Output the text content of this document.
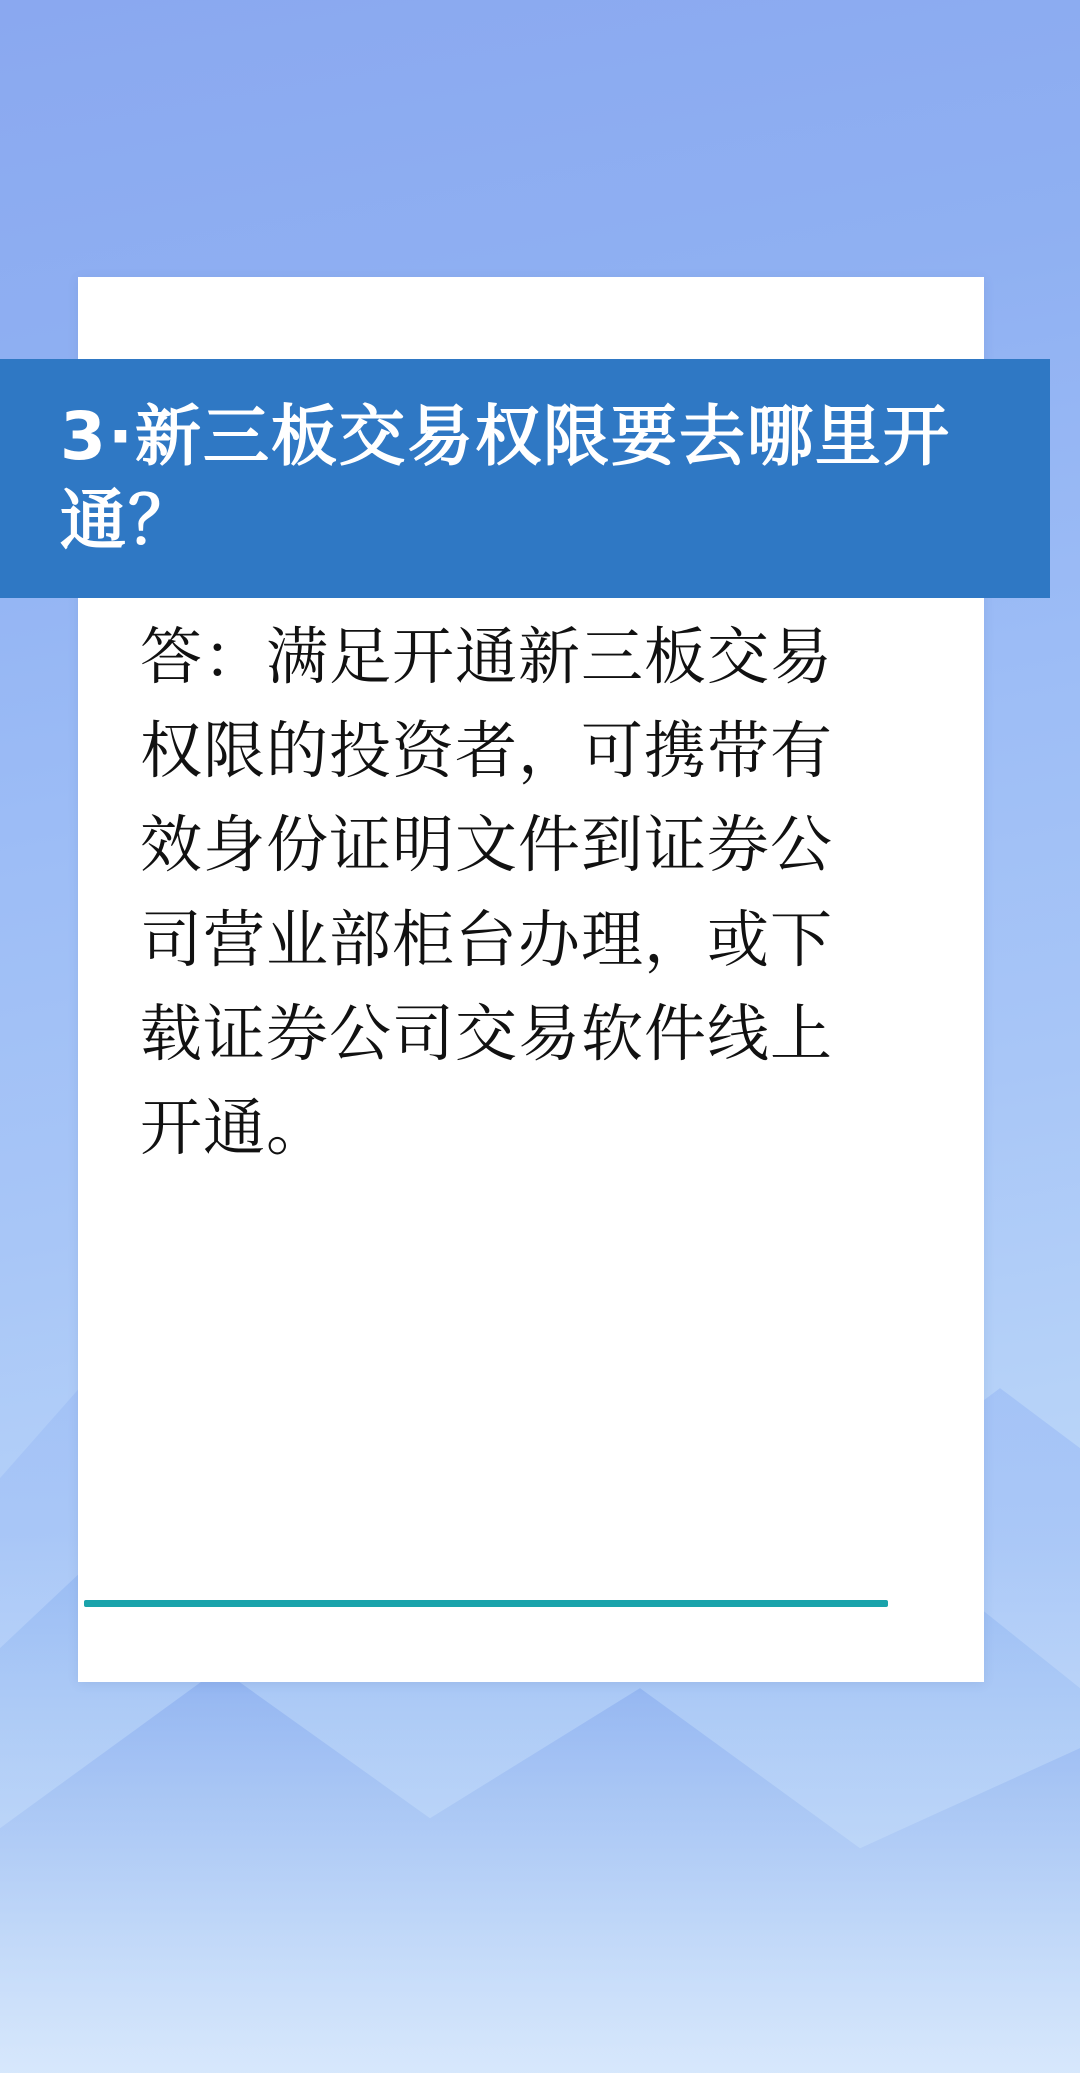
3·新三板交易权限要去哪里开通？
答：满足开通新三板交易权限的投资者，可携带有效身份证明文件到证券公司营业部柜台办理，或下载证券公司交易软件线上开通。
